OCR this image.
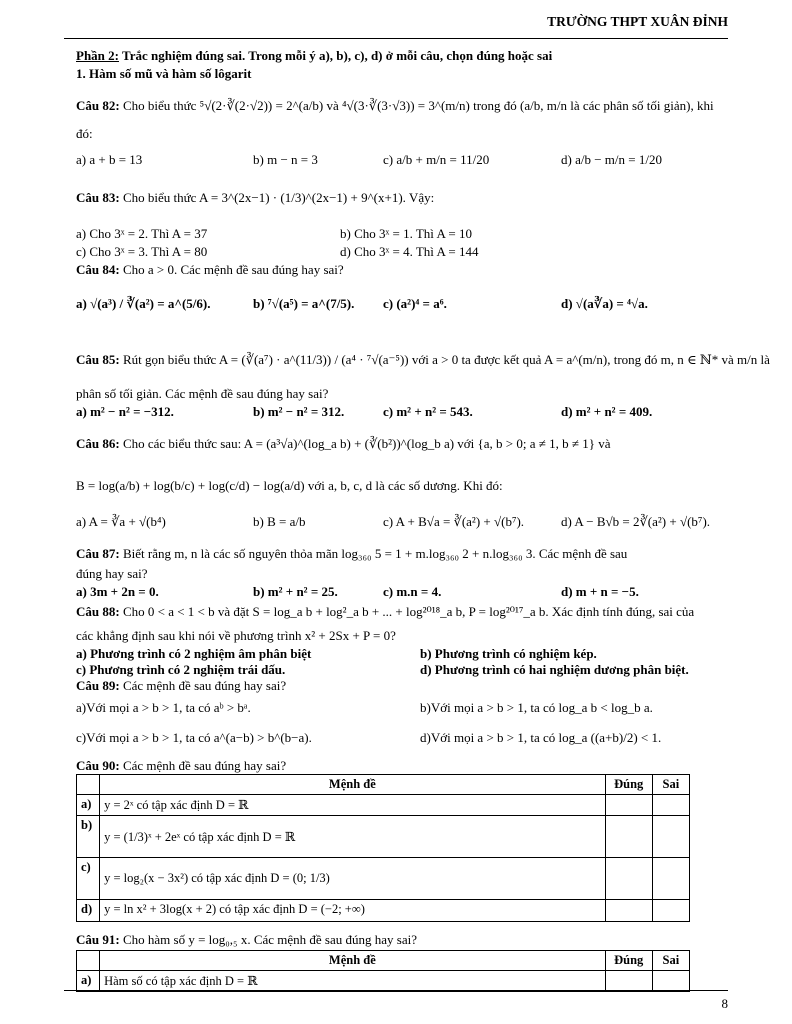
TRƯỜNG THPT XUÂN ĐỈNH
Phần 2: Trắc nghiệm đúng sai. Trong mỗi ý a), b), c), d) ở mỗi câu, chọn đúng hoặc sai
1. Hàm số mũ và hàm số lôgarit
Câu 82: Cho biểu thức ⁵√(2·∛(2·√2)) = 2^(a/b) và ⁴√(3·∛(3·√3)) = 3^(m/n) trong đó (a/b, m/n là các phân số tối giản), khi
đó:
a) a + b = 13	b) m − n = 3	c) a/b + m/n = 11/20	d) a/b − m/n = 1/20
Câu 83: Cho biểu thức A = 3^(2x−1) · (1/3)^(2x−1) + 9^(x+1). Vậy:
a) Cho 3ˣ = 2. Thì A = 37	b) Cho 3ˣ = 1. Thì A = 10
c) Cho 3ˣ = 3. Thì A = 80	d) Cho 3ˣ = 4. Thì A = 144
Câu 84: Cho a > 0. Các mệnh đề sau đúng hay sai?
a) √(a³) / ∛(a²) = a^(5/6).	b) ⁷√(a⁵) = a^(7/5). c) (a²)⁴ = a⁶.	d) √(a∛a) = ⁴√a.
Câu 85: Rút gọn biểu thức A = (∛(a⁷) · a^(11/3)) / (a⁴ · ⁷√(a⁻⁵)) với a > 0 ta được kết quả A = a^(m/n), trong đó m, n ∈ ℕ* và m/n là
phân số tối giản. Các mệnh đề sau đúng hay sai?
a) m² − n² = −312.	b) m² − n² = 312.	c) m² + n² = 543.	d) m² + n² = 409.
Câu 86: Cho các biểu thức sau: A = (a³√a)^(log_a b) + (∛(b²))^(log_b a) với {a, b > 0; a ≠ 1, b ≠ 1} và
B = log(a/b) + log(b/c) + log(c/d) − log(a/d) với a, b, c, d là các số dương. Khi đó:
a) A = ∛a + √(b⁴)	b) B = a/b	c) A + B√a = ∛(a²) + √(b⁷).	d) A − B√b = 2∛(a²) + √(b⁷).
Câu 87: Biết rằng m, n là các số nguyên thỏa mãn log₃₆₀ 5 = 1 + m.log₃₆₀ 2 + n.log₃₆₀ 3. Các mệnh đề sau
đúng hay sai?
a) 3m + 2n = 0.	b) m² + n² = 25.	c) m.n = 4.	d) m + n = −5.
Câu 88: Cho 0 < a < 1 < b và đặt S = log_a b + log²_a b + ... + log²⁰¹⁸_a b, P = log²⁰¹⁷_a b. Xác định tính đúng, sai của
các khẳng định sau khi nói về phương trình x² + 2Sx + P = 0?
a) Phương trình có 2 nghiệm âm phân biệt	b) Phương trình có nghiệm kép.
c) Phương trình có 2 nghiệm trái dấu.	d) Phương trình có hai nghiệm dương phân biệt.
Câu 89: Các mệnh đề sau đúng hay sai?
a)Với mọi a > b > 1, ta có aᵇ > bᵃ.	b)Với mọi a > b > 1, ta có log_a b < log_b a.
c)Với mọi a > b > 1, ta có a^(a−b) > b^(b−a).	d)Với mọi a > b > 1, ta có log_a ((a+b)/2) < 1.
Câu 90: Các mệnh đề sau đúng hay sai?
	Mệnh đề	Đúng	Sai
a)	y = 2ˣ có tập xác định D = ℝ		
b)	y = (1/3)ˣ + 2eˣ có tập xác định D = ℝ		
c)	y = log₂(x − 3x²) có tập xác định D = (0; 1/3)		
d)	y = ln x² + 3log(x + 2) có tập xác định D = (−2; +∞)		
Câu 91: Cho hàm số y = log₀,₅ x. Các mệnh đề sau đúng hay sai?
	Mệnh đề	Đúng	Sai
a)	Hàm số có tập xác định D = ℝ		
8
